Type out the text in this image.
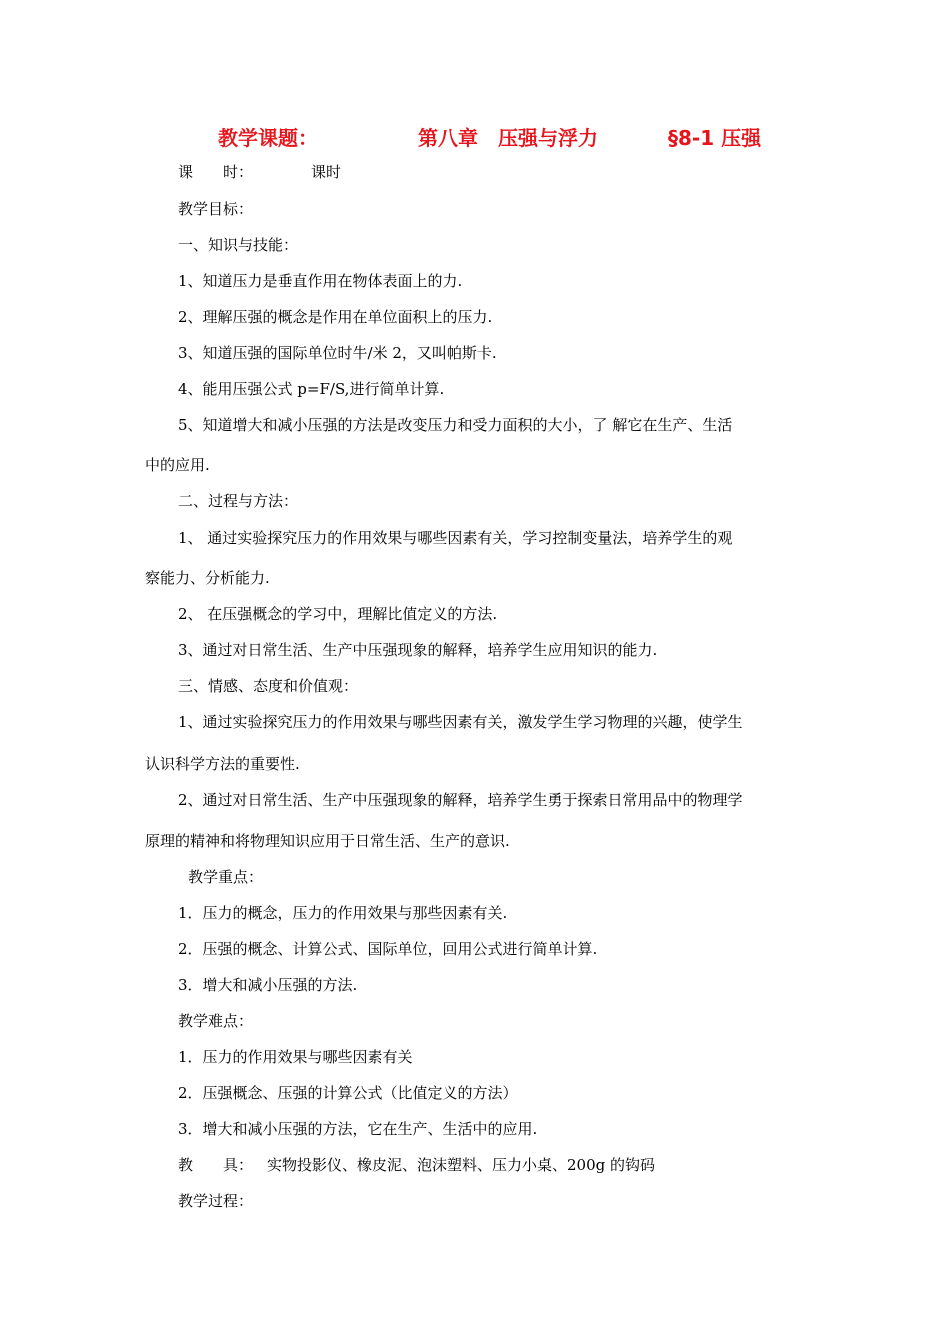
教学课题：	第八章　压强与浮力	§8-1 压强
课　　时：	课时
教学目标：
一、知识与技能：
1、知道压力是垂直作用在物体表面上的力.
2、理解压强的概念是作用在单位面积上的压力.
3、知道压强的国际单位时牛/米 2，又叫帕斯卡.
4、能用压强公式 p=F/S,进行简单计算.
5、知道增大和减小压强的方法是改变压力和受力面积的大小，了 解它在生产、生活
中的应用.
二、过程与方法：
1、 通过实验探究压力的作用效果与哪些因素有关，学习控制变量法，培养学生的观
察能力、分析能力.
2、 在压强概念的学习中，理解比值定义的方法.
3、通过对日常生活、生产中压强现象的解释，培养学生应用知识的能力.
三、情感、态度和价值观：
1、通过实验探究压力的作用效果与哪些因素有关，激发学生学习物理的兴趣，使学生
认识科学方法的重要性.
2、通过对日常生活、生产中压强现象的解释，培养学生勇于探索日常用品中的物理学
原理的精神和将物理知识应用于日常生活、生产的意识.
教学重点：
1．压力的概念，压力的作用效果与那些因素有关.
2．压强的概念、计算公式、国际单位，回用公式进行简单计算.
3．增大和减小压强的方法.
教学难点：
1．压力的作用效果与哪些因素有关
2．压强概念、压强的计算公式（比值定义的方法）
3．增大和减小压强的方法，它在生产、生活中的应用.
教　　具： 实物投影仪、橡皮泥、泡沫塑料、压力小桌、200g 的钩码
教学过程：
